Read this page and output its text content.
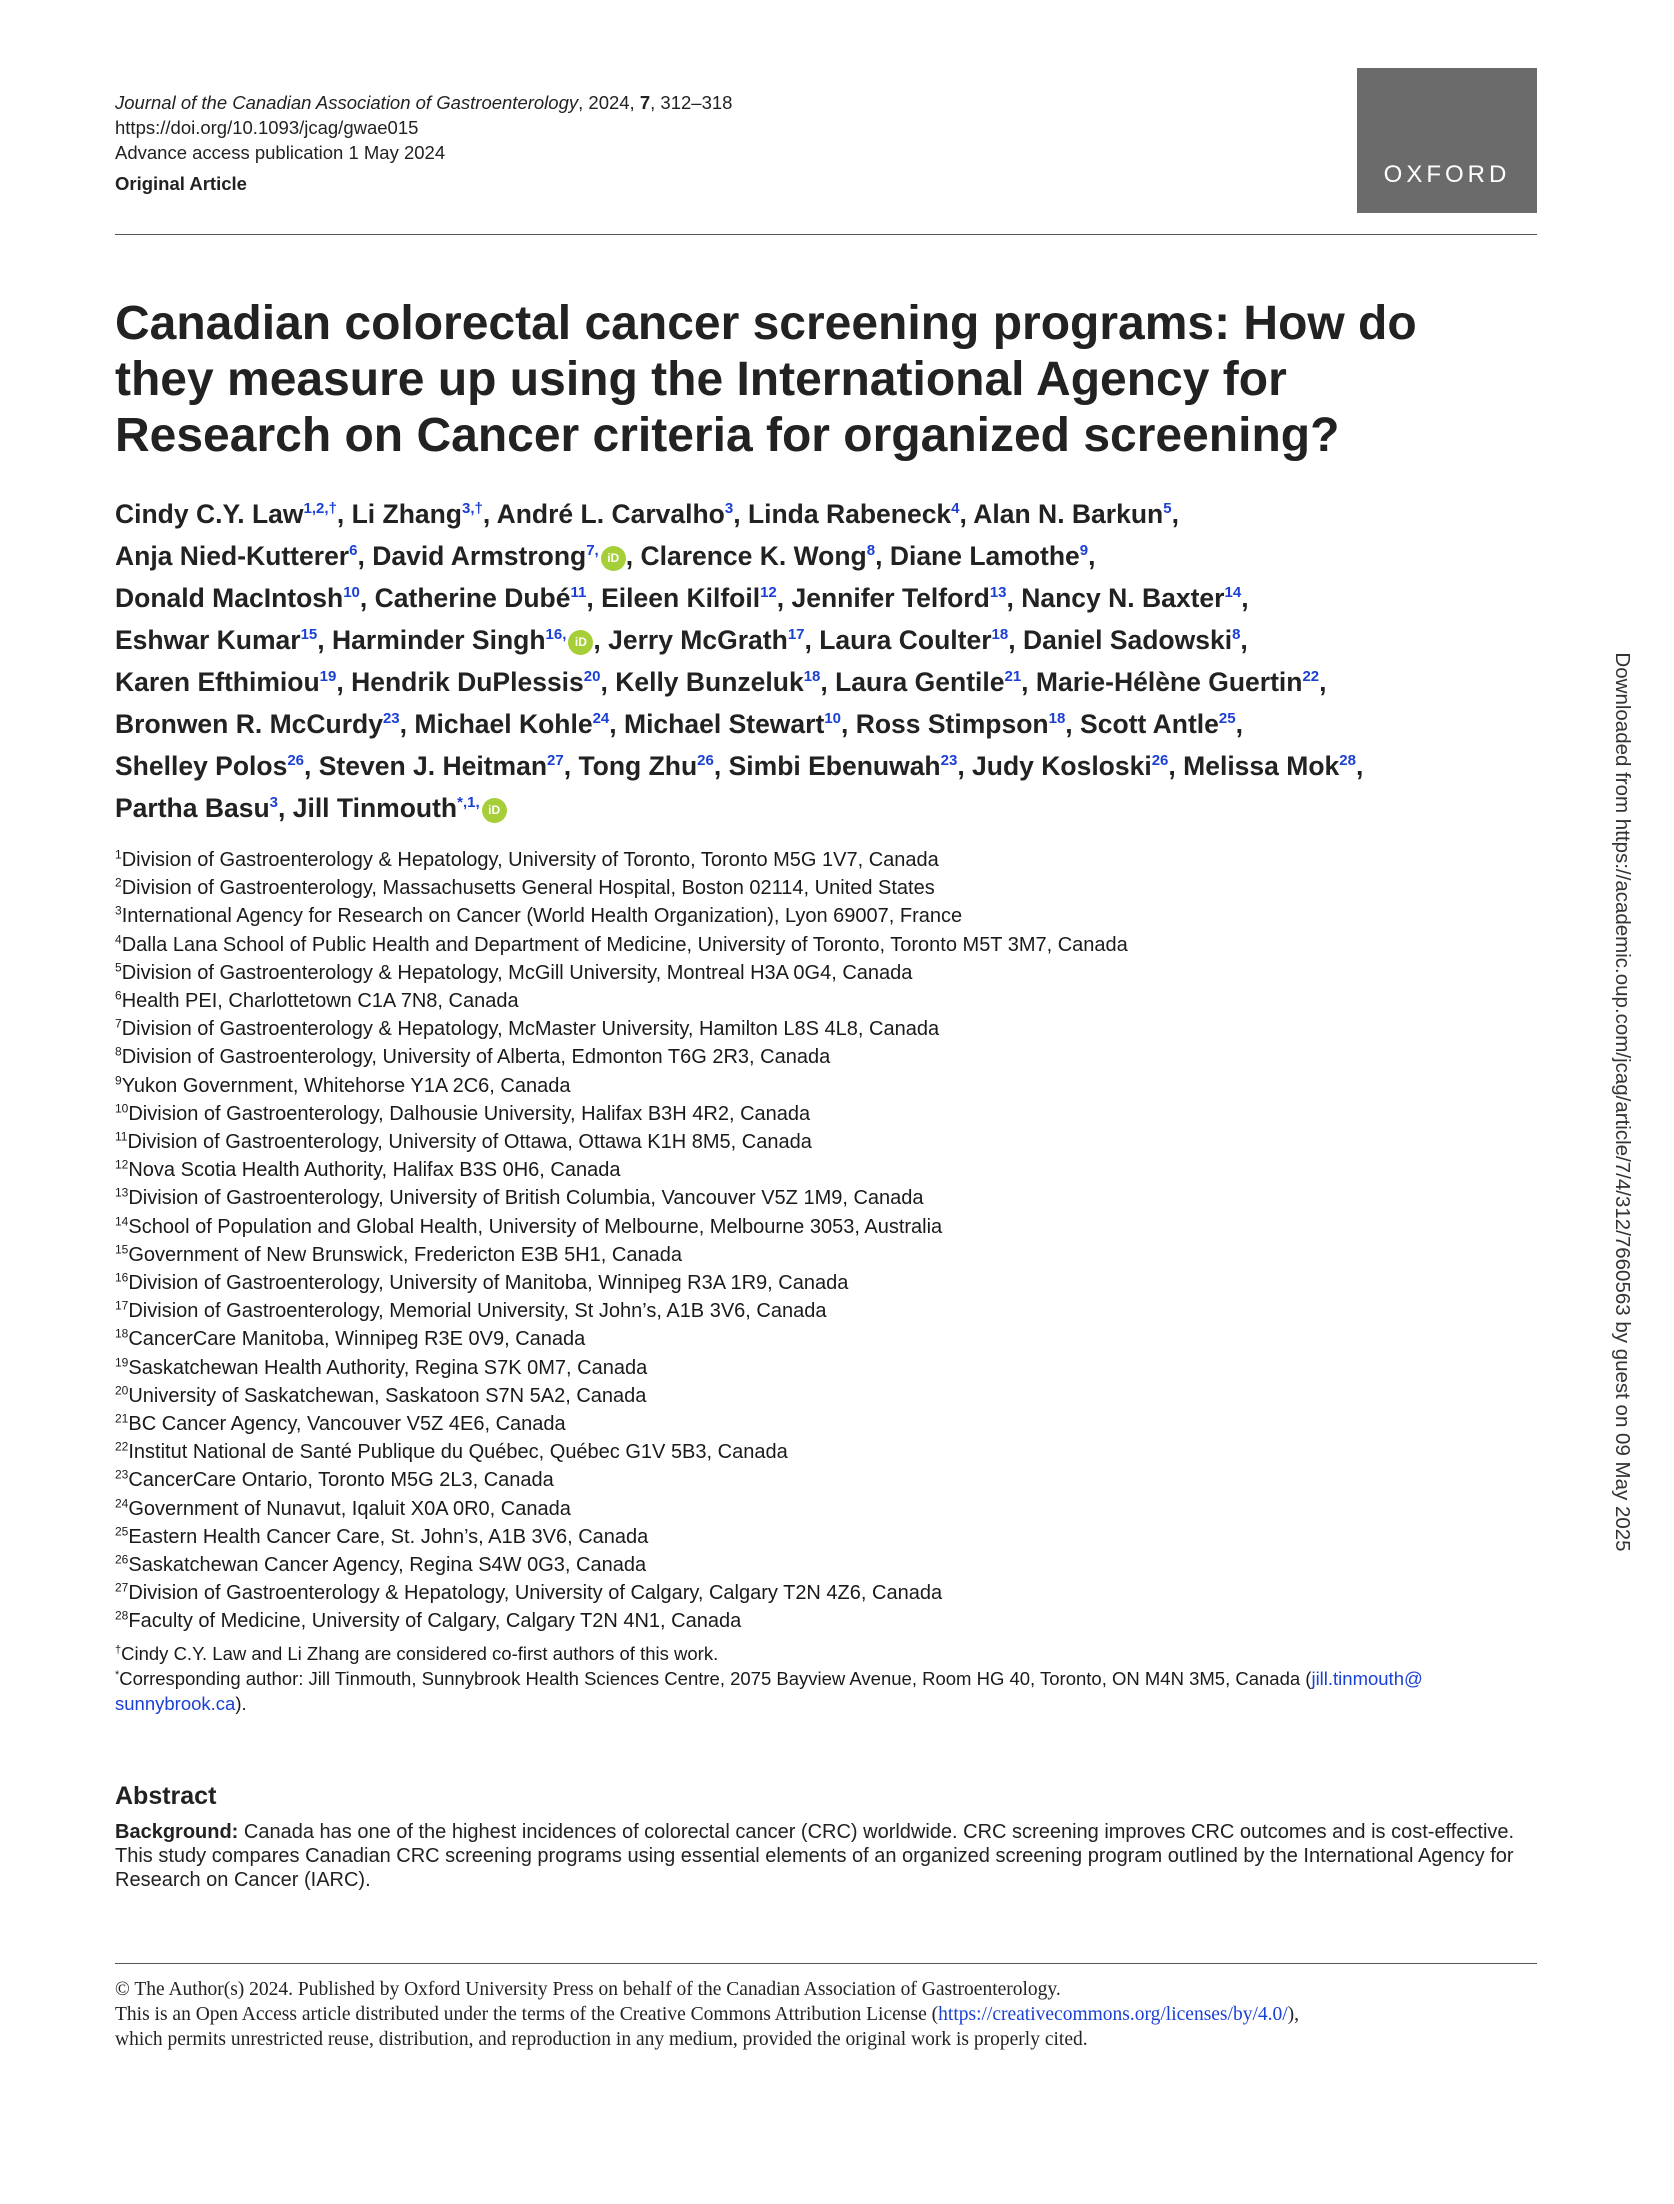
Journal of the Canadian Association of Gastroenterology, 2024, 7, 312–318
https://doi.org/10.1093/jcag/gwae015
Advance access publication 1 May 2024
Original Article	OXFORD
Canadian colorectal cancer screening programs: How do they measure up using the International Agency for Research on Cancer criteria for organized screening?
Cindy C.Y. Law$^{1,2,\dagger}$, Li Zhang$^{3,\dagger}$, André L. Carvalho$^3$, Linda Rabeneck$^4$, Alan N. Barkun$^5$,
Anja Nied-Kutterer$^6$, David Armstrong$^{7,}$ iD , Clarence K. Wong$^8$, Diane Lamothe$^9$,
Donald MacIntosh$^{10}$, Catherine Dubé$^{11}$, Eileen Kilfoil$^{12}$, Jennifer Telford$^{13}$, Nancy N. Baxter$^{14}$,
Eshwar Kumar$^{15}$, Harminder Singh$^{16,}$ iD , Jerry McGrath$^{17}$, Laura Coulter$^{18}$, Daniel Sadowski$^8$,
Karen Efthimiou$^{19}$, Hendrik DuPlessis$^{20}$, Kelly Bunzeluk$^{18}$, Laura Gentile$^{21}$, Marie-Hélène Guertin$^{22}$,
Bronwen R. McCurdy$^{23}$, Michael Kohle$^{24}$, Michael Stewart$^{10}$, Ross Stimpson$^{18}$, Scott Antle$^{25}$,
Shelley Polos$^{26}$, Steven J. Heitman$^{27}$, Tong Zhu$^{26}$, Simbi Ebenuwah$^{23}$, Judy Kosloski$^{26}$, Melissa Mok$^{28}$,
Partha Basu$^3$, Jill Tinmouth$^{*,1,}$ iD
$^1$Division of Gastroenterology & Hepatology, University of Toronto, Toronto M5G 1V7, Canada
$^2$Division of Gastroenterology, Massachusetts General Hospital, Boston 02114, United States
$^3$International Agency for Research on Cancer (World Health Organization), Lyon 69007, France
$^4$Dalla Lana School of Public Health and Department of Medicine, University of Toronto, Toronto M5T 3M7, Canada
$^5$Division of Gastroenterology & Hepatology, McGill University, Montreal H3A 0G4, Canada
$^6$Health PEI, Charlottetown C1A 7N8, Canada
$^7$Division of Gastroenterology & Hepatology, McMaster University, Hamilton L8S 4L8, Canada
$^8$Division of Gastroenterology, University of Alberta, Edmonton T6G 2R3, Canada
$^9$Yukon Government, Whitehorse Y1A 2C6, Canada
$^{10}$Division of Gastroenterology, Dalhousie University, Halifax B3H 4R2, Canada
$^{11}$Division of Gastroenterology, University of Ottawa, Ottawa K1H 8M5, Canada
$^{12}$Nova Scotia Health Authority, Halifax B3S 0H6, Canada
$^{13}$Division of Gastroenterology, University of British Columbia, Vancouver V5Z 1M9, Canada
$^{14}$School of Population and Global Health, University of Melbourne, Melbourne 3053, Australia
$^{15}$Government of New Brunswick, Fredericton E3B 5H1, Canada
$^{16}$Division of Gastroenterology, University of Manitoba, Winnipeg R3A 1R9, Canada
$^{17}$Division of Gastroenterology, Memorial University, St John’s, A1B 3V6, Canada
$^{18}$CancerCare Manitoba, Winnipeg R3E 0V9, Canada
$^{19}$Saskatchewan Health Authority, Regina S7K 0M7, Canada
$^{20}$University of Saskatchewan, Saskatoon S7N 5A2, Canada
$^{21}$BC Cancer Agency, Vancouver V5Z 4E6, Canada
$^{22}$Institut National de Santé Publique du Québec, Québec G1V 5B3, Canada
$^{23}$CancerCare Ontario, Toronto M5G 2L3, Canada
$^{24}$Government of Nunavut, Iqaluit X0A 0R0, Canada
$^{25}$Eastern Health Cancer Care, St. John’s, A1B 3V6, Canada
$^{26}$Saskatchewan Cancer Agency, Regina S4W 0G3, Canada
$^{27}$Division of Gastroenterology & Hepatology, University of Calgary, Calgary T2N 4Z6, Canada
$^{28}$Faculty of Medicine, University of Calgary, Calgary T2N 4N1, Canada
†Cindy C.Y. Law and Li Zhang are considered co-first authors of this work.
*Corresponding author: Jill Tinmouth, Sunnybrook Health Sciences Centre, 2075 Bayview Avenue, Room HG 40, Toronto, ON M4N 3M5, Canada (jill.tinmouth@
sunnybrook.ca).
Abstract
Background: Canada has one of the highest incidences of colorectal cancer (CRC) worldwide. CRC screening improves CRC outcomes and is cost-effective. This study compares Canadian CRC screening programs using essential elements of an organized screening program outlined by the International Agency for Research on Cancer (IARC).
© The Author(s) 2024. Published by Oxford University Press on behalf of the Canadian Association of Gastroenterology.
This is an Open Access article distributed under the terms of the Creative Commons Attribution License (https://creativecommons.org/licenses/by/4.0/),
which permits unrestricted reuse, distribution, and reproduction in any medium, provided the original work is properly cited.
Downloaded from https://academic.oup.com/jcag/article/7/4/312/7660563 by guest on 09 May 2025
